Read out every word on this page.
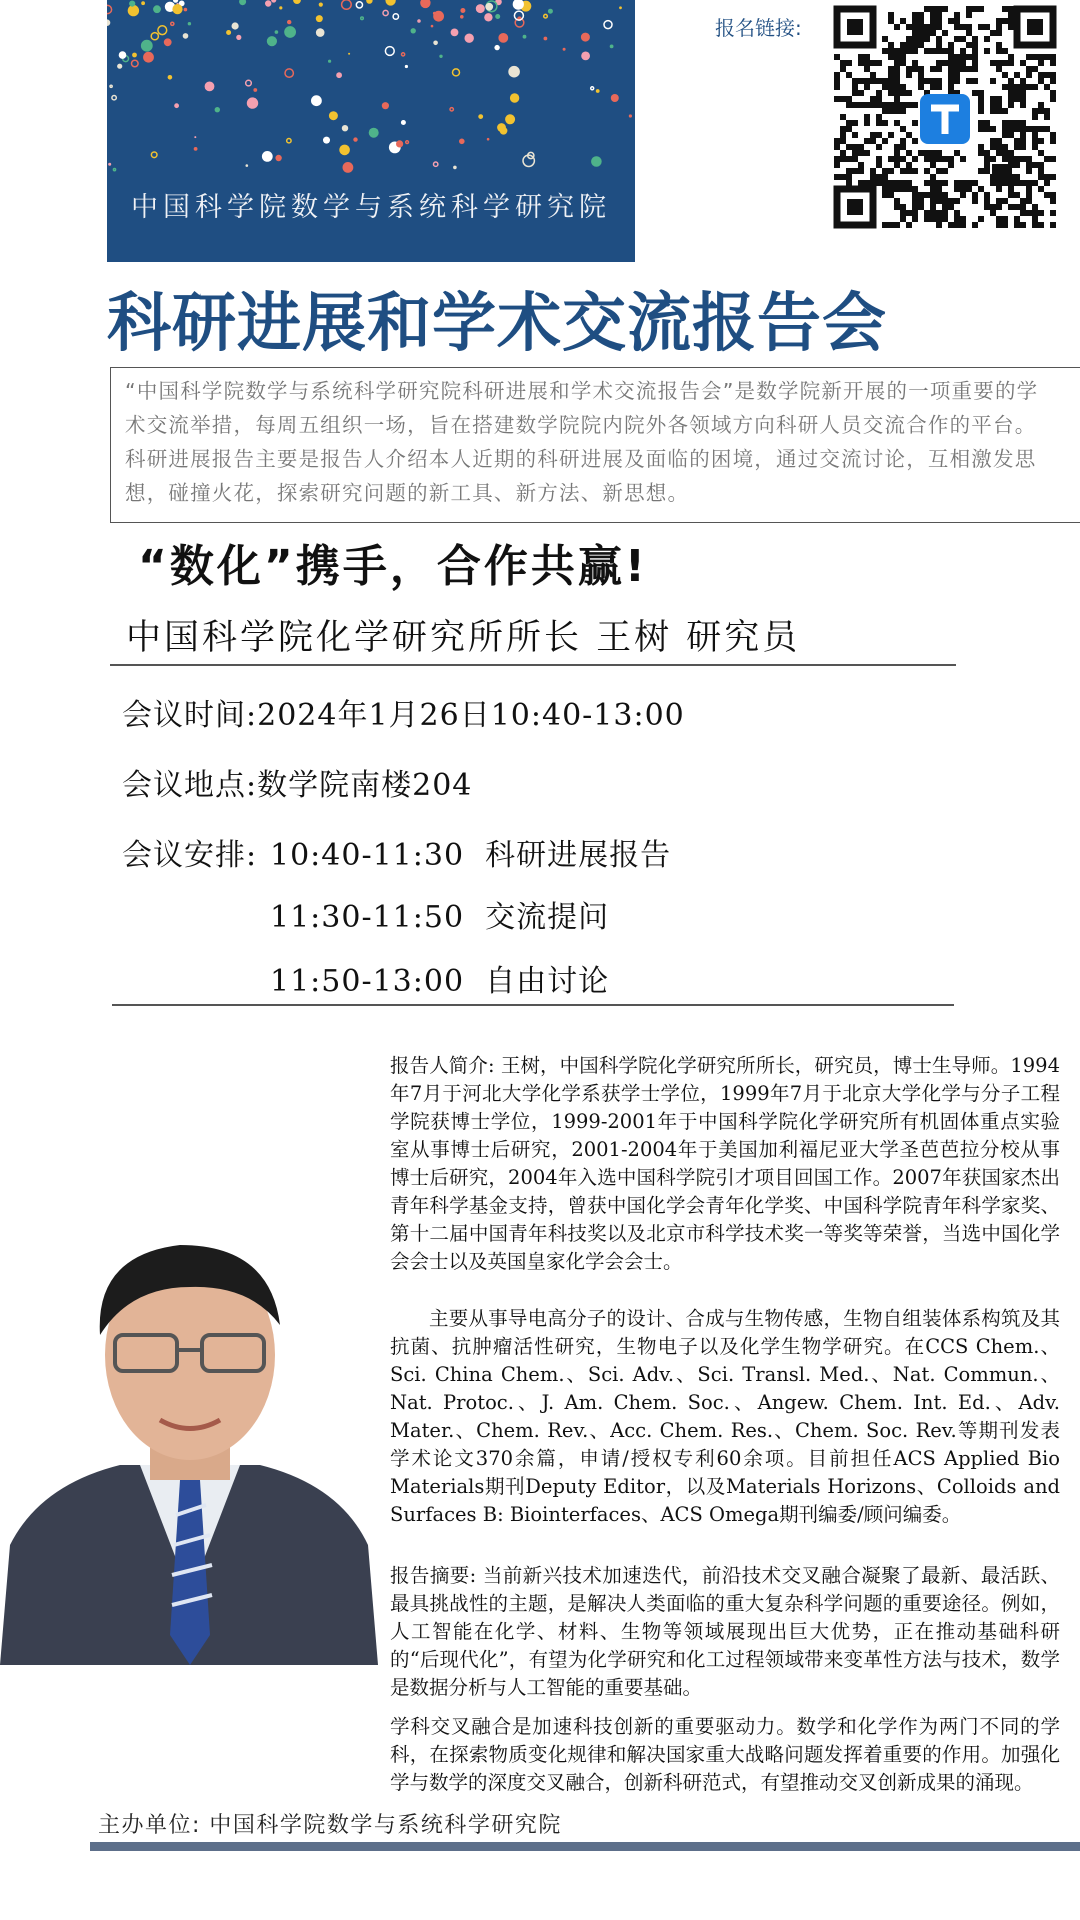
中国科学院数学与系统科学研究院
报名链接:
科研进展和学术交流报告会
“中国科学院数学与系统科学研究院科研进展和学术交流报告会”是数学院新开展的一项重要的学术交流举措，每周五组织一场，旨在搭建数学院院内院外各领域方向科研人员交流合作的平台。科研进展报告主要是报告人介绍本人近期的科研进展及面临的困境，通过交流讨论，互相激发思想，碰撞火花，探索研究问题的新工具、新方法、新思想。
“数化”携手，合作共赢!
中国科学院化学研究所所长 王树 研究员
会议时间:2024年1月26日10:40-13:00
会议地点:数学院南楼204
会议安排: 10:40-11:30 科研进展报告
11:30-11:50 交流提问
11:50-13:00 自由讨论
报告人简介: 王树，中国科学院化学研究所所长，研究员，博士生导师。1994年7月于河北大学化学系获学士学位，1999年7月于北京大学化学与分子工程学院获博士学位，1999-2001年于中国科学院化学研究所有机固体重点实验室从事博士后研究，2001-2004年于美国加利福尼亚大学圣芭芭拉分校从事博士后研究，2004年入选中国科学院引才项目回国工作。2007年获国家杰出青年科学基金支持，曾获中国化学会青年化学奖、中国科学院青年科学家奖、第十二届中国青年科技奖以及北京市科学技术奖一等奖等荣誉，当选中国化学会会士以及英国皇家化学会会士。
主要从事导电高分子的设计、合成与生物传感，生物自组装体系构筑及其抗菌、抗肿瘤活性研究，生物电子以及化学生物学研究。在CCS Chem.、Sci. China Chem.、Sci. Adv.、Sci. Transl. Med.、Nat. Commun.、Nat. Protoc.、J. Am. Chem. Soc.、Angew. Chem. Int. Ed.、Adv. Mater.、Chem. Rev.、Acc. Chem. Res.、Chem. Soc. Rev.等期刊发表学术论文370余篇，申请/授权专利60余项。目前担任ACS Applied Bio Materials期刊Deputy Editor，以及Materials Horizons、Colloids and Surfaces B: Biointerfaces、ACS Omega期刊编委/顾问编委。
报告摘要: 当前新兴技术加速迭代，前沿技术交叉融合凝聚了最新、最活跃、最具挑战性的主题，是解决人类面临的重大复杂科学问题的重要途径。例如，人工智能在化学、材料、生物等领域展现出巨大优势，正在推动基础科研的“后现代化”，有望为化学研究和化工过程领域带来变革性方法与技术，数学是数据分析与人工智能的重要基础。
学科交叉融合是加速科技创新的重要驱动力。数学和化学作为两门不同的学科，在探索物质变化规律和解决国家重大战略问题发挥着重要的作用。加强化学与数学的深度交叉融合，创新科研范式，有望推动交叉创新成果的涌现。
主办单位: 中国科学院数学与系统科学研究院
